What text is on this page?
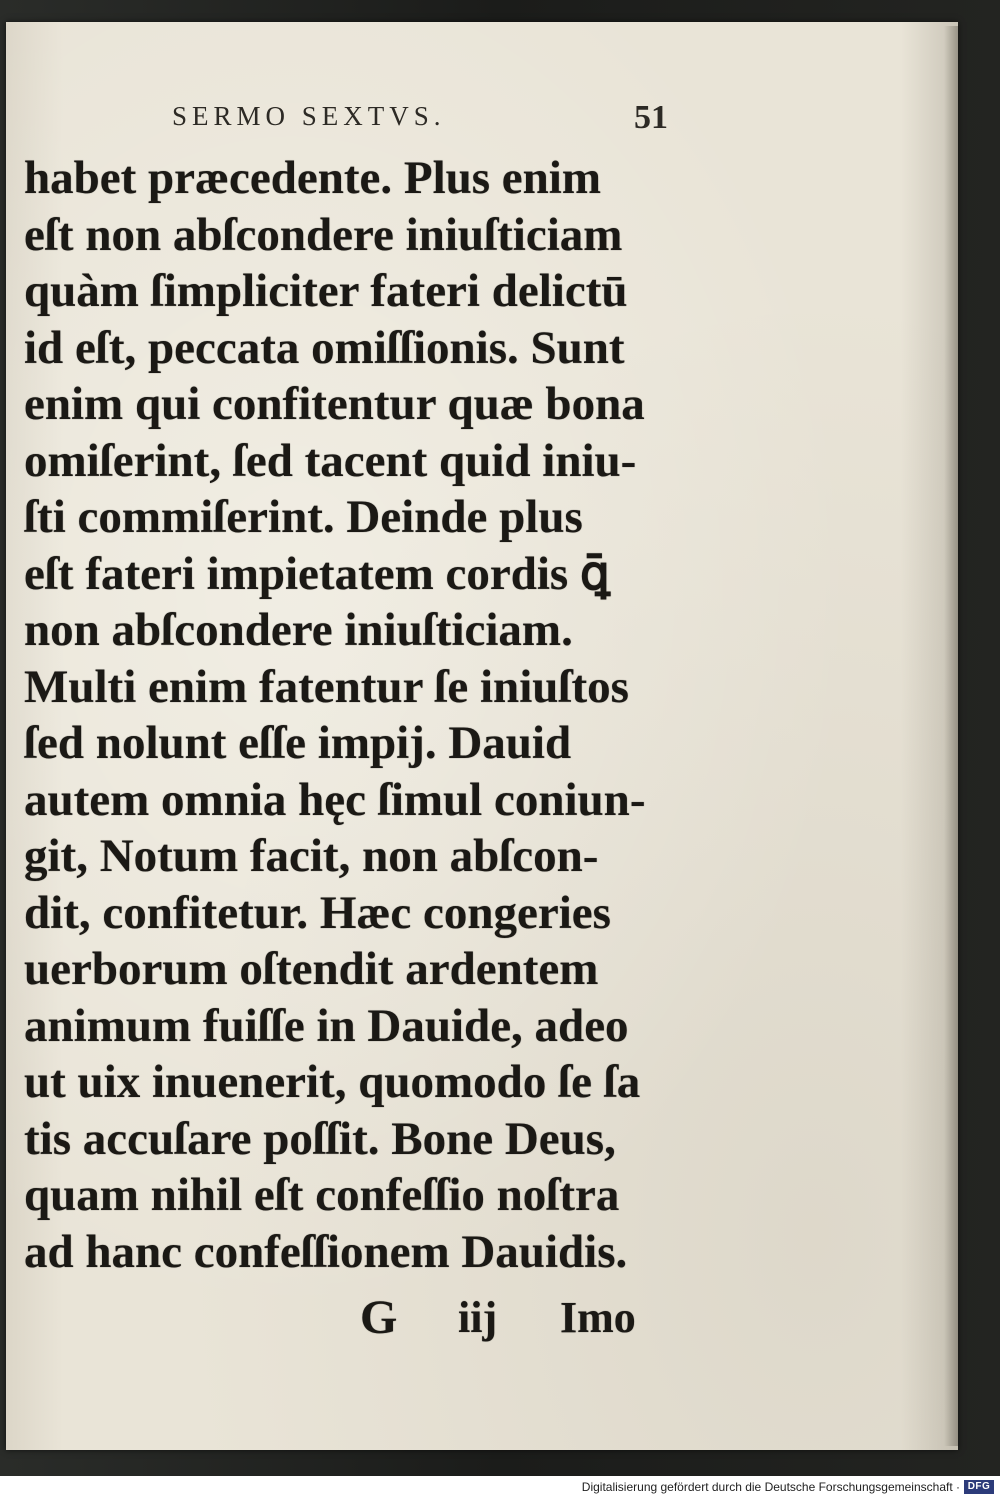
SERMO SEXTVS.	51
habet præcedente. Plus enim
eſt non abſcondere iniuſticiam
quàm ſimpliciter fateri delictū
id eſt, peccata omiſſionis. Sunt
enim qui confitentur quæ bona
omiſerint, ſed tacent quid iniu-
ſti commiſerint. Deinde plus
eſt fateri impietatem cordis ꝗ̄
non abſcondere iniuſticiam.
Multi enim fatentur ſe iniuſtos
ſed nolunt eſſe impij. Dauid
autem omnia hęc ſimul coniun-
git, Notum facit, non abſcon-
dit, confitetur. Hæc congeries
uerborum oſtendit ardentem
animum fuiſſe in Dauide, adeo
ut uix inuenerit, quomodo ſe ſa
tis accuſare poſſit. Bone Deus,
quam nihil eſt confeſſio noſtra
ad hanc confeſſionem Dauidis.
G iij Imo
Digitalisierung gefördert durch die Deutsche Forschungsgemeinschaft · DFG
